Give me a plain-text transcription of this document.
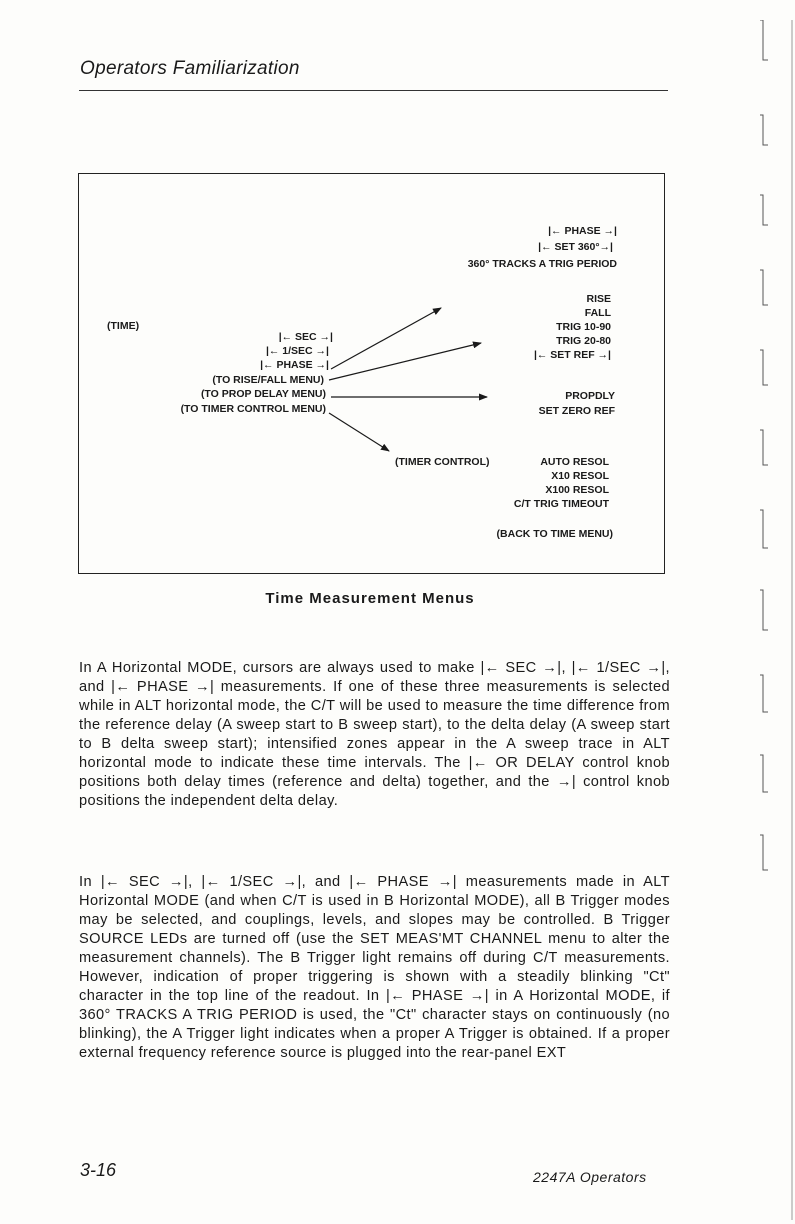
Operators Familiarization
|← PHASE →|
|← SET 360°→|
360° TRACKS A TRIG PERIOD
(TIME)
|← SEC →|
|← 1/SEC →|
|← PHASE →|
(TO RISE/FALL MENU)
(TO PROP DELAY MENU)
(TO TIMER CONTROL MENU)
RISE
FALL
TRIG 10-90
TRIG 20-80
|← SET REF →|
PROPDLY
SET ZERO REF
(TIMER CONTROL)	AUTO RESOL
X10 RESOL
X100 RESOL
C/T TRIG TIMEOUT
(BACK TO TIME MENU)
Time Measurement Menus
In A Horizontal MODE, cursors are always used to make |← SEC →|, |← 1/SEC →|, and |← PHASE →| measurements. If one of these three measurements is selected while in ALT horizontal mode, the C/T will be used to measure the time difference from the reference delay (A sweep start to B sweep start), to the delta delay (A sweep start to B delta sweep start); intensified zones appear in the A sweep trace in ALT horizontal mode to indicate these time intervals. The |← OR DELAY control knob positions both delay times (reference and delta) together, and the →| control knob positions the independent delta delay.
In |← SEC →|, |← 1/SEC →|, and |← PHASE →| measurements made in ALT Horizontal MODE (and when C/T is used in B Horizontal MODE), all B Trigger modes may be selected, and couplings, levels, and slopes may be controlled. B Trigger SOURCE LEDs are turned off (use the SET MEAS'MT CHANNEL menu to alter the measurement channels). The B Trigger light remains off during C/T measurements. However, indication of proper triggering is shown with a steadily blinking "Ct" character in the top line of the readout. In |← PHASE →| in A Horizontal MODE, if 360° TRACKS A TRIG PERIOD is used, the "Ct" character stays on continuously (no blinking), the A Trigger light indicates when a proper A Trigger is obtained. If a proper external frequency reference source is plugged into the rear-panel EXT
3-16	2247A Operators
